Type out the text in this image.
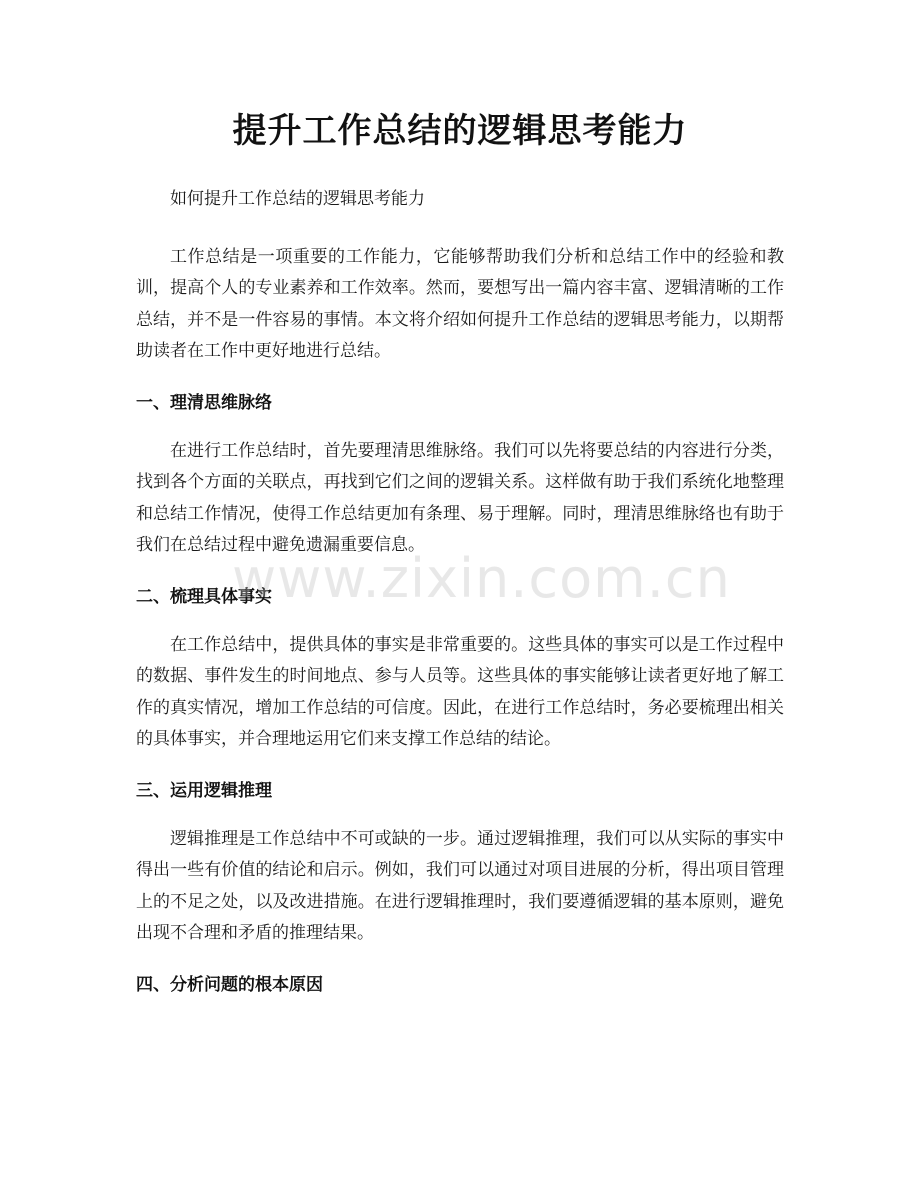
提升工作总结的逻辑思考能力

如何提升工作总结的逻辑思考能力

工作总结是一项重要的工作能力，它能够帮助我们分析和总结工作中的经验和教训，提高个人的专业素养和工作效率。然而，要想写出一篇内容丰富、逻辑清晰的工作总结，并不是一件容易的事情。本文将介绍如何提升工作总结的逻辑思考能力，以期帮助读者在工作中更好地进行总结。

一、理清思维脉络

在进行工作总结时，首先要理清思维脉络。我们可以先将要总结的内容进行分类，找到各个方面的关联点，再找到它们之间的逻辑关系。这样做有助于我们系统化地整理和总结工作情况，使得工作总结更加有条理、易于理解。同时，理清思维脉络也有助于我们在总结过程中避免遗漏重要信息。

二、梳理具体事实

在工作总结中，提供具体的事实是非常重要的。这些具体的事实可以是工作过程中的数据、事件发生的时间地点、参与人员等。这些具体的事实能够让读者更好地了解工作的真实情况，增加工作总结的可信度。因此，在进行工作总结时，务必要梳理出相关的具体事实，并合理地运用它们来支撑工作总结的结论。

三、运用逻辑推理

逻辑推理是工作总结中不可或缺的一步。通过逻辑推理，我们可以从实际的事实中得出一些有价值的结论和启示。例如，我们可以通过对项目进展的分析，得出项目管理上的不足之处，以及改进措施。在进行逻辑推理时，我们要遵循逻辑的基本原则，避免出现不合理和矛盾的推理结果。

四、分析问题的根本原因
www.zixin.com.cn
